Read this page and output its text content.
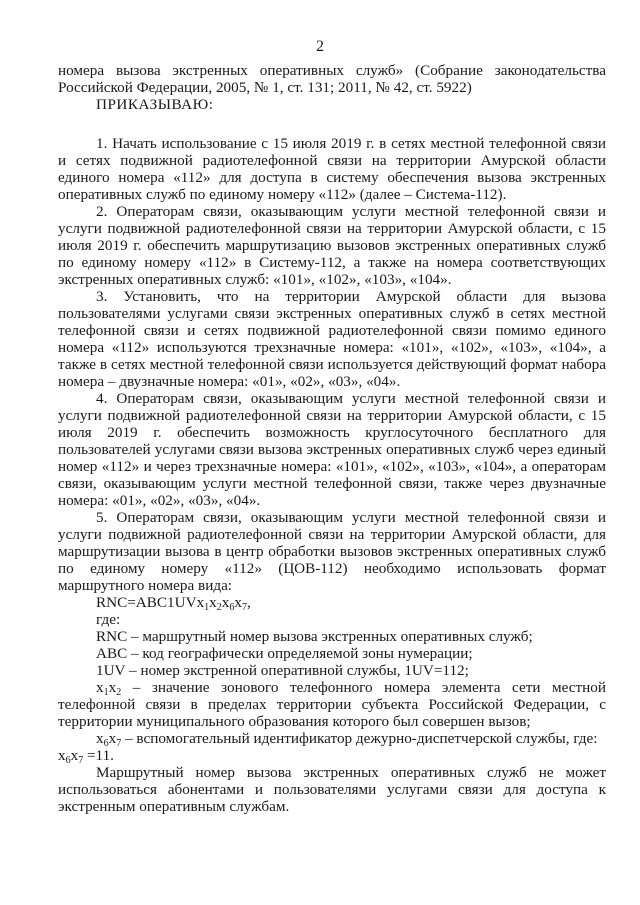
2

номера вызова экстренных оперативных служб» (Собрание законодательства Российской Федерации, 2005, № 1, ст. 131; 2011, № 42, ст. 5922)

ПРИКАЗЫВАЮ:

1. Начать использование с 15 июля 2019 г. в сетях местной телефонной связи и сетях подвижной радиотелефонной связи на территории Амурской области единого номера «112» для доступа в систему обеспечения вызова экстренных оперативных служб по единому номеру «112» (далее – Система-112).

2. Операторам связи, оказывающим услуги местной телефонной связи и услуги подвижной радиотелефонной связи на территории Амурской области, с 15 июля 2019 г. обеспечить маршрутизацию вызовов экстренных оперативных служб по единому номеру «112» в Систему-112, а также на номера соответствующих экстренных оперативных служб: «101», «102», «103», «104».

3. Установить, что на территории Амурской области для вызова пользователями услугами связи экстренных оперативных служб в сетях местной телефонной связи и сетях подвижной радиотелефонной связи помимо единого номера «112» используются трехзначные номера: «101», «102», «103», «104», а также в сетях местной телефонной связи используется действующий формат набора номера – двузначные номера: «01», «02», «03», «04».

4. Операторам связи, оказывающим услуги местной телефонной связи и услуги подвижной радиотелефонной связи на территории Амурской области, с 15 июля 2019 г. обеспечить возможность круглосуточного бесплатного для пользователей услугами связи вызова экстренных оперативных служб через единый номер «112» и через трехзначные номера: «101», «102», «103», «104», а операторам связи, оказывающим услуги местной телефонной связи, также через двузначные номера: «01», «02», «03», «04».

5. Операторам связи, оказывающим услуги местной телефонной связи и услуги подвижной радиотелефонной связи на территории Амурской области, для маршрутизации вызова в центр обработки вызовов экстренных оперативных служб по единому номеру «112» (ЦОВ-112) необходимо использовать формат маршрутного номера вида:

$RNC=ABC1UVx_1x_2x_6x_7$,

где:

RNC – маршрутный номер вызова экстренных оперативных служб;

ABC – код географически определяемой зоны нумерации;

1UV – номер экстренной оперативной службы, 1UV=112;

$x_1x_2$ – значение зонового телефонного номера элемента сети местной телефонной связи в пределах территории субъекта Российской Федерации, с территории муниципального образования которого был совершен вызов;

$x_6x_7$ – вспомогательный идентификатор дежурно-диспетчерской службы, где:

$x_6x_7 =11$.

Маршрутный номер вызова экстренных оперативных служб не может использоваться абонентами и пользователями услугами связи для доступа к экстренным оперативным службам.
